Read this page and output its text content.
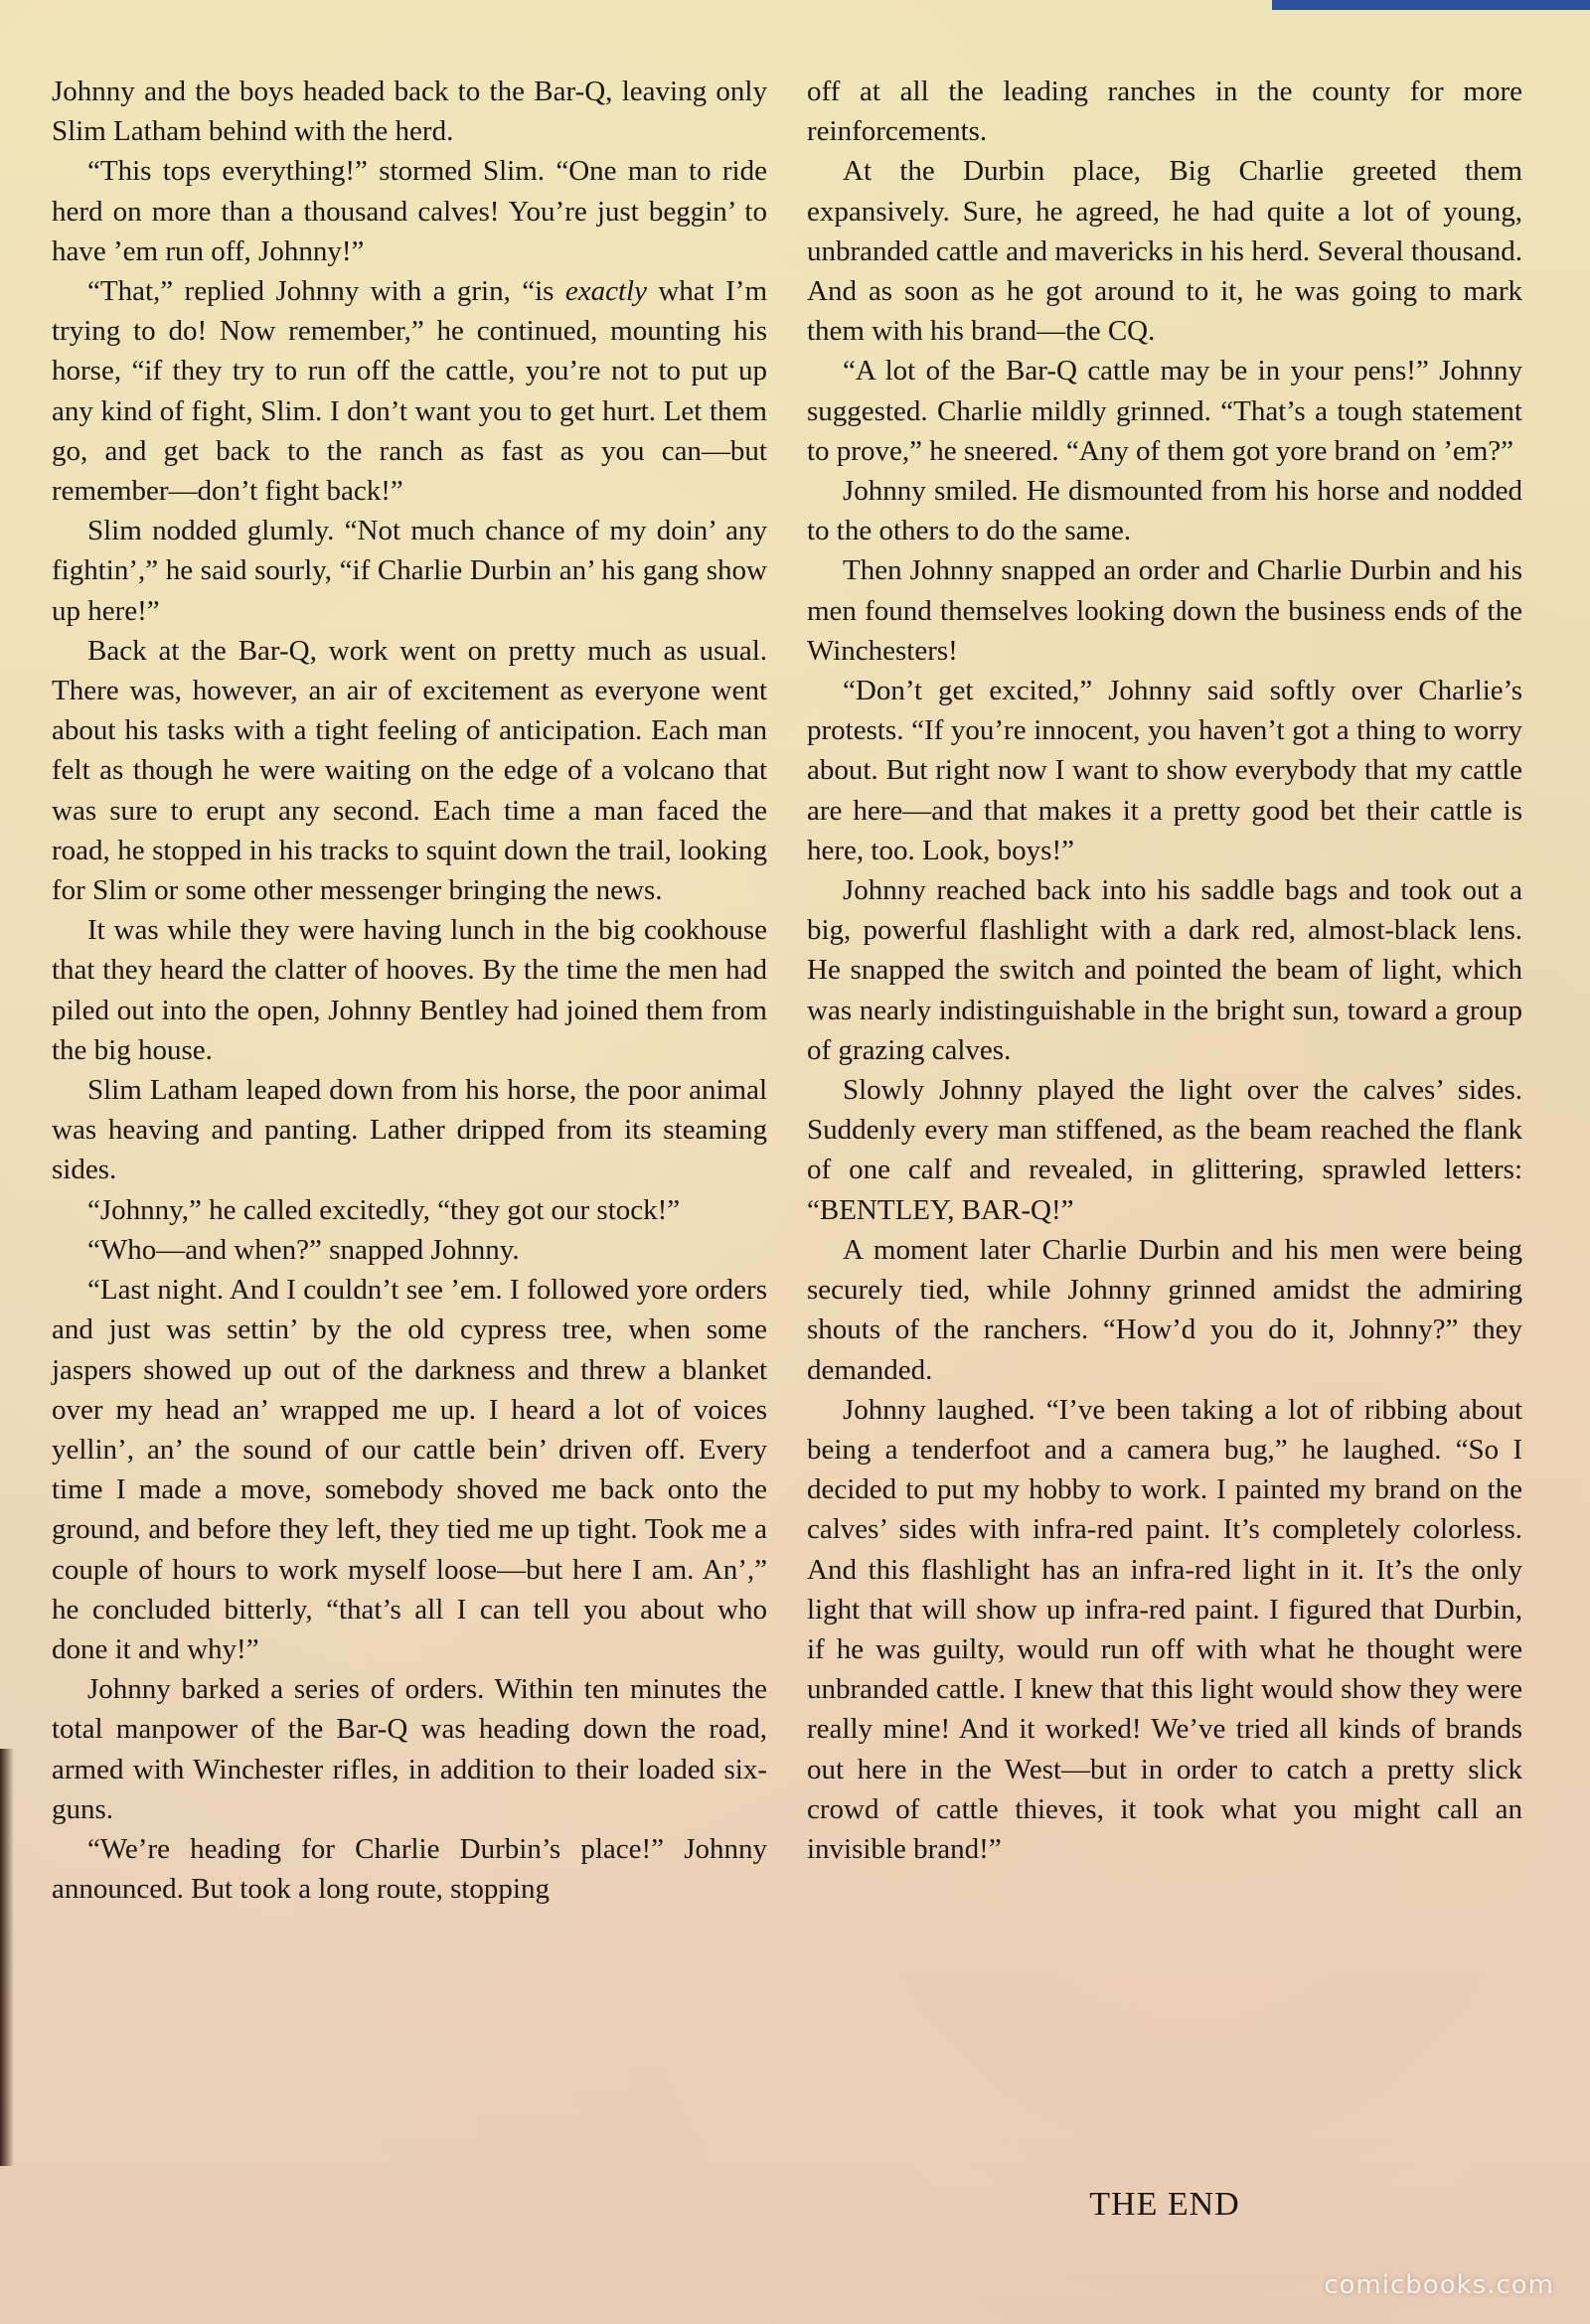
Johnny and the boys headed back to the Bar-Q, leaving only Slim Latham behind with the herd.

“This tops everything!” stormed Slim. “One man to ride herd on more than a thousand calves! You’re just beggin’ to have ’em run off, Johnny!”

“That,” replied Johnny with a grin, “is exactly what I’m trying to do! Now remember,” he continued, mounting his horse, “if they try to run off the cattle, you’re not to put up any kind of fight, Slim. I don’t want you to get hurt. Let them go, and get back to the ranch as fast as you can—but remember—don’t fight back!”

Slim nodded glumly. “Not much chance of my doin’ any fightin’,” he said sourly, “if Charlie Durbin an’ his gang show up here!”

Back at the Bar-Q, work went on pretty much as usual. There was, however, an air of excitement as everyone went about his tasks with a tight feeling of anticipation. Each man felt as though he were waiting on the edge of a volcano that was sure to erupt any second. Each time a man faced the road, he stopped in his tracks to squint down the trail, looking for Slim or some other messenger bringing the news.

It was while they were having lunch in the big cookhouse that they heard the clatter of hooves. By the time the men had piled out into the open, Johnny Bentley had joined them from the big house.

Slim Latham leaped down from his horse, the poor animal was heaving and panting. Lather dripped from its steaming sides.

“Johnny,” he called excitedly, “they got our stock!”

“Who—and when?” snapped Johnny.

“Last night. And I couldn’t see ’em. I followed yore orders and just was settin’ by the old cypress tree, when some jaspers showed up out of the darkness and threw a blanket over my head an’ wrapped me up. I heard a lot of voices yellin’, an’ the sound of our cattle bein’ driven off. Every time I made a move, somebody shoved me back onto the ground, and before they left, they tied me up tight. Took me a couple of hours to work myself loose—but here I am. An’,” he concluded bitterly, “that’s all I can tell you about who done it and why!”

Johnny barked a series of orders. Within ten minutes the total manpower of the Bar-Q was heading down the road, armed with Winchester rifles, in addition to their loaded six-guns.

“We’re heading for Charlie Durbin’s place!” Johnny announced. But took a long route, stopping

off at all the leading ranches in the county for more reinforcements.

At the Durbin place, Big Charlie greeted them expansively. Sure, he agreed, he had quite a lot of young, unbranded cattle and mavericks in his herd. Several thousand. And as soon as he got around to it, he was going to mark them with his brand—the CQ.

“A lot of the Bar-Q cattle may be in your pens!” Johnny suggested. Charlie mildly grinned. “That’s a tough statement to prove,” he sneered. “Any of them got yore brand on ’em?”

Johnny smiled. He dismounted from his horse and nodded to the others to do the same.

Then Johnny snapped an order and Charlie Durbin and his men found themselves looking down the business ends of the Winchesters!

“Don’t get excited,” Johnny said softly over Charlie’s protests. “If you’re innocent, you haven’t got a thing to worry about. But right now I want to show everybody that my cattle are here—and that makes it a pretty good bet their cattle is here, too. Look, boys!”

Johnny reached back into his saddle bags and took out a big, powerful flashlight with a dark red, almost-black lens. He snapped the switch and pointed the beam of light, which was nearly indistinguishable in the bright sun, toward a group of grazing calves.

Slowly Johnny played the light over the calves’ sides. Suddenly every man stiffened, as the beam reached the flank of one calf and revealed, in glittering, sprawled letters: “BENTLEY, BAR-Q!”

A moment later Charlie Durbin and his men were being securely tied, while Johnny grinned amidst the admiring shouts of the ranchers. “How’d you do it, Johnny?” they demanded.

Johnny laughed. “I’ve been taking a lot of ribbing about being a tenderfoot and a camera bug,” he laughed. “So I decided to put my hobby to work. I painted my brand on the calves’ sides with infra-red paint. It’s completely colorless. And this flashlight has an infra-red light in it. It’s the only light that will show up infra-red paint. I figured that Durbin, if he was guilty, would run off with what he thought were unbranded cattle. I knew that this light would show they were really mine! And it worked! We’ve tried all kinds of brands out here in the West—but in order to catch a pretty slick crowd of cattle thieves, it took what you might call an invisible brand!”

THE END
comicbooks.com
